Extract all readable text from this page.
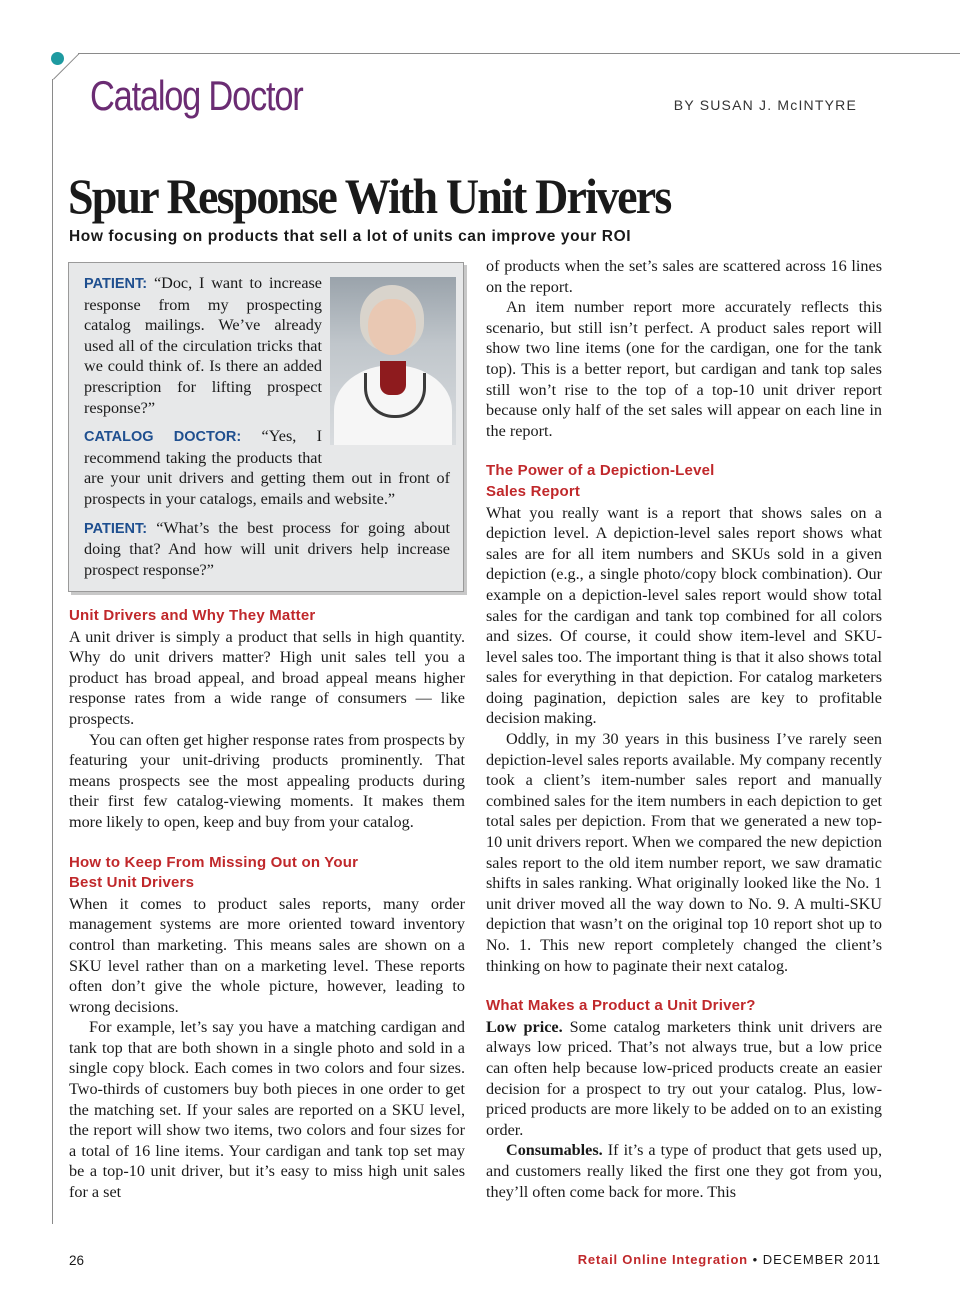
Catalog Doctor	BY SUSAN J. McINTYRE
Spur Response With Unit Drivers
How focusing on products that sell a lot of units can improve your ROI

PATIENT: “Doc, I want to increase response from my prospecting catalog mailings. We’ve already used all of the circulation tricks that we could think of. Is there an added prescription for lifting prospect response?”

CATALOG DOCTOR: “Yes, I recommend taking the products that are your unit drivers and getting them out in front of prospects in your catalogs, emails and website.”

PATIENT: “What’s the best process for going about doing that? And how will unit drivers help increase prospect response?”

Unit Drivers and Why They Matter

A unit driver is simply a product that sells in high quantity. Why do unit drivers matter? High unit sales tell you a product has broad appeal, and broad appeal means higher response rates from a wide range of consumers — like prospects.

You can often get higher response rates from prospects by featuring your unit-driving products prominently. That means prospects see the most appealing products during their first few catalog-viewing moments. It makes them more likely to open, keep and buy from your catalog.

How to Keep From Missing Out on Your
Best Unit Drivers

When it comes to product sales reports, many order management systems are more oriented toward inventory control than marketing. This means sales are shown on a SKU level rather than on a marketing level. These reports often don’t give the whole picture, however, leading to wrong decisions.

For example, let’s say you have a matching cardigan and tank top that are both shown in a single photo and sold in a single copy block. Each comes in two colors and four sizes. Two-thirds of customers buy both pieces in one order to get the matching set. If your sales are reported on a SKU level, the report will show two items, two colors and four sizes for a total of 16 line items. Your cardigan and tank top set may be a top-10 unit driver, but it’s easy to miss high unit sales for a set

of products when the set’s sales are scattered across 16 lines on the report.

An item number report more accurately reflects this scenario, but still isn’t perfect. A product sales report will show two line items (one for the cardigan, one for the tank top). This is a better report, but cardigan and tank top sales still won’t rise to the top of a top-10 unit driver report because only half of the set sales will appear on each line in the report.

The Power of a Depiction-Level
Sales Report

What you really want is a report that shows sales on a depiction level. A depiction-level sales report shows what sales are for all item numbers and SKUs sold in a given depiction (e.g., a single photo/copy block combination). Our example on a depiction-level sales report would show total sales for the cardigan and tank top combined for all colors and sizes. Of course, it could show item-level and SKU-level sales too. The important thing is that it also shows total sales for everything in that depiction. For catalog marketers doing pagination, depiction sales are key to profitable decision making.

Oddly, in my 30 years in this business I’ve rarely seen depiction-level sales reports available. My company recently took a client’s item-number sales report and manually combined sales for the item numbers in each depiction to get total sales per depiction. From that we generated a new top-10 unit drivers report. When we compared the new depiction sales report to the old item number report, we saw dramatic shifts in sales ranking. What originally looked like the No. 1 unit driver moved all the way down to No. 9. A multi-SKU depiction that wasn’t on the original top 10 report shot up to No. 1. This new report completely changed the client’s thinking on how to paginate their next catalog.

What Makes a Product a Unit Driver?

Low price. Some catalog marketers think unit drivers are always low priced. That’s not always true, but a low price can often help because low-priced products create an easier decision for a prospect to try out your catalog. Plus, low-priced products are more likely to be added on to an existing order.

Consumables. If it’s a type of product that gets used up, and customers really liked the first one they got from you, they’ll often come back for more. This

26	Retail Online Integration • DECEMBER 2011
